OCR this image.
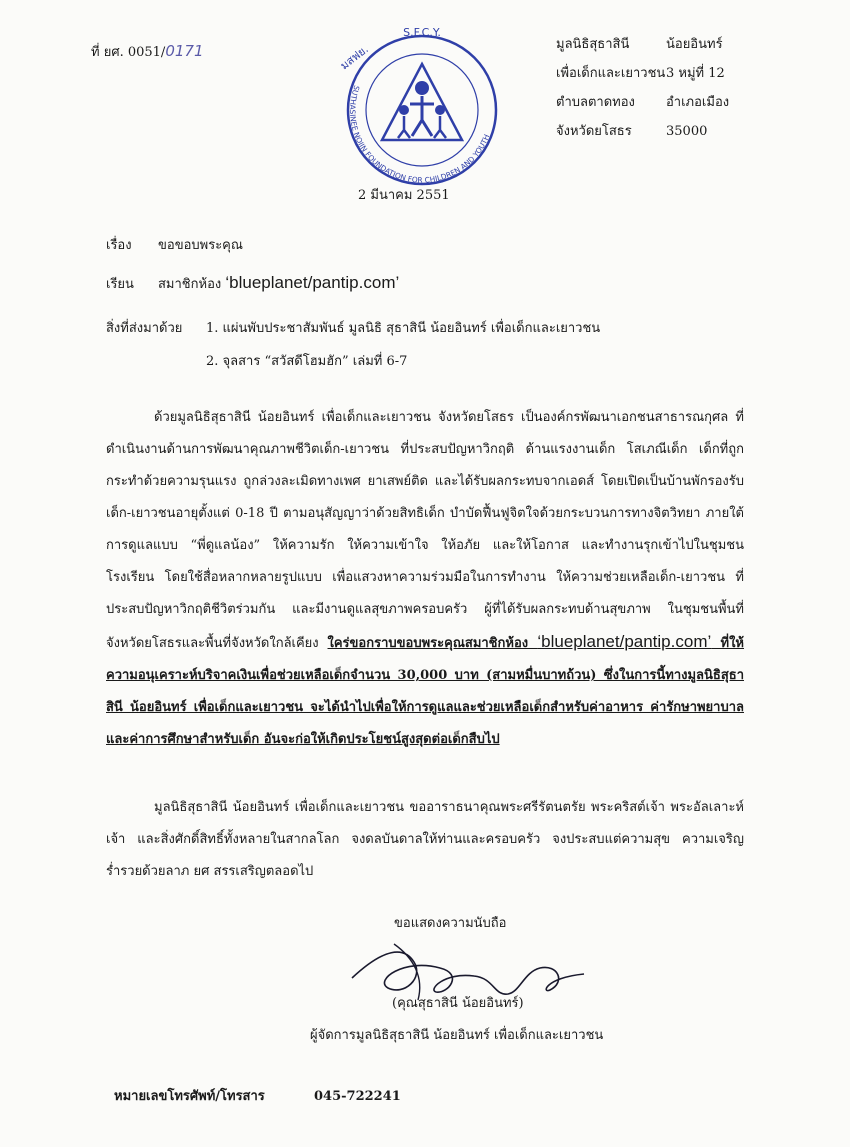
ที่ ยศ. 0051/0171
S.F.C.Y.
มสฟย.
SUTHASINEE NOIIN FOUNDATION FOR CHILDREN AND YOUTH
มูลนิธิสุธาสินี	น้อยอินทร์
เพื่อเด็กและเยาวชน 3 หมู่ที่ 12
ตำบลตาดทอง อำเภอเมือง
จังหวัดยโสธร	35000
2 มีนาคม 2551
เรื่อง ขอขอบพระคุณ
เรียน สมาชิกห้อง ‘blueplanet/pantip.com’
สิ่งที่ส่งมาด้วย 1. แผ่นพับประชาสัมพันธ์ มูลนิธิ สุธาสินี น้อยอินทร์ เพื่อเด็กและเยาวชน
2. จุลสาร “สวัสดีโฮมฮัก” เล่มที่ 6-7
ด้วยมูลนิธิสุธาสินี น้อยอินทร์ เพื่อเด็กและเยาวชน จังหวัดยโสธร เป็นองค์กรพัฒนาเอกชนสาธารณกุศล ที่ดำเนินงานด้านการพัฒนาคุณภาพชีวิตเด็ก-เยาวชน ที่ประสบปัญหาวิกฤติ ด้านแรงงานเด็ก โสเภณีเด็ก เด็กที่ถูกกระทำด้วยความรุนแรง ถูกล่วงละเมิดทางเพศ ยาเสพย์ติด และได้รับผลกระทบจากเอดส์ โดยเปิดเป็นบ้านพักรองรับเด็ก-เยาวชนอายุตั้งแต่ 0-18 ปี ตามอนุสัญญาว่าด้วยสิทธิเด็ก บำบัดฟื้นฟูจิตใจด้วยกระบวนการทางจิตวิทยา ภายใต้การดูแลแบบ “พี่ดูแลน้อง” ให้ความรัก ให้ความเข้าใจ ให้อภัย และให้โอกาส และทำงานรุกเข้าไปในชุมชน โรงเรียน โดยใช้สื่อหลากหลายรูปแบบ เพื่อแสวงหาความร่วมมือในการทำงาน ให้ความช่วยเหลือเด็ก-เยาวชน ที่ประสบปัญหาวิกฤติชีวิตร่วมกัน และมีงานดูแลสุขภาพครอบครัว ผู้ที่ได้รับผลกระทบด้านสุขภาพ ในชุมชนพื้นที่จังหวัดยโสธรและพื้นที่จังหวัดใกล้เคียง ใคร่ขอกราบขอบพระคุณสมาชิกห้อง ‘blueplanet/pantip.com’ ที่ให้ความอนุเคราะห์บริจาคเงินเพื่อช่วยเหลือเด็กจำนวน 30,000 บาท (สามหมื่นบาทถ้วน) ซึ่งในการนี้ทางมูลนิธิสุธาสินี น้อยอินทร์ เพื่อเด็กและเยาวชน จะได้นำไปเพื่อให้การดูแลและช่วยเหลือเด็กสำหรับค่าอาหาร ค่ารักษาพยาบาล และค่าการศึกษาสำหรับเด็ก อันจะก่อให้เกิดประโยชน์สูงสุดต่อเด็กสืบไป
มูลนิธิสุธาสินี น้อยอินทร์ เพื่อเด็กและเยาวชน ขออาราธนาคุณพระศรีรัตนตรัย พระคริสต์เจ้า พระอัลเลาะห์เจ้า และสิ่งศักดิ์สิทธิ์ทั้งหลายในสากลโลก จงดลบันดาลให้ท่านและครอบครัว จงประสบแต่ความสุข ความเจริญ ร่ำรวยด้วยลาภ ยศ สรรเสริญตลอดไป
ขอแสดงความนับถือ
(คุณสุธาสินี น้อยอินทร์)
ผู้จัดการมูลนิธิสุธาสินี น้อยอินทร์ เพื่อเด็กและเยาวชน
หมายเลขโทรศัพท์/โทรสาร	045-722241
